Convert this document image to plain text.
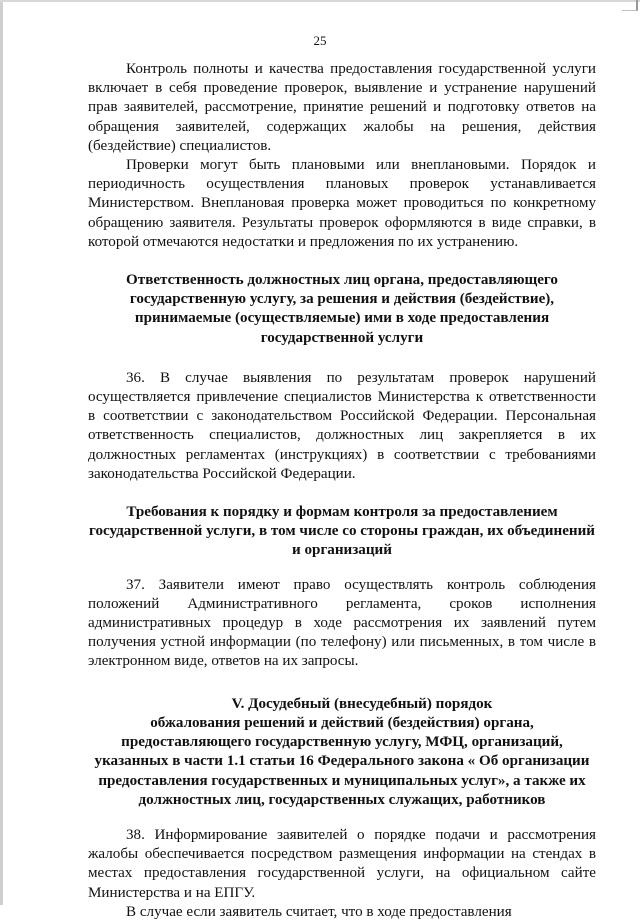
25

Контроль полноты и качества предоставления государственной услуги включает в себя проведение проверок, выявление и устранение нарушений прав заявителей, рассмотрение, принятие решений и подготовку ответов на обращения заявителей, содержащих жалобы на решения, действия (бездействие) специалистов.

Проверки могут быть плановыми или внеплановыми. Порядок и периодичность осуществления плановых проверок устанавливается Министерством. Внеплановая проверка может проводиться по конкретному обращению заявителя. Результаты проверок оформляются в виде справки, в которой отмечаются недостатки и предложения по их устранению.

Ответственность должностных лиц органа, предоставляющего государственную услугу, за решения и действия (бездействие), принимаемые (осуществляемые) ими в ходе предоставления государственной услуги

36. В случае выявления по результатам проверок нарушений осуществляется привлечение специалистов Министерства к ответственности в соответствии с законодательством Российской Федерации. Персональная ответственность специалистов, должностных лиц закрепляется в их должностных регламентах (инструкциях) в соответствии с требованиями законодательства Российской Федерации.

Требования к порядку и формам контроля за предоставлением государственной услуги, в том числе со стороны граждан, их объединений и организаций

37. Заявители имеют право осуществлять контроль соблюдения положений Административного регламента, сроков исполнения административных процедур в ходе рассмотрения их заявлений путем получения устной информации (по телефону) или письменных, в том числе в электронном виде, ответов на их запросы.

V. Досудебный (внесудебный) порядок

обжалования решений и действий (бездействия) органа, предоставляющего государственную услугу, МФЦ, организаций, указанных в части 1.1 статьи 16 Федерального закона « Об организации предоставления государственных и муниципальных услуг», а также их должностных лиц, государственных служащих, работников

38. Информирование заявителей о порядке подачи и рассмотрения жалобы обеспечивается посредством размещения информации на стендах в местах предоставления государственной услуги, на официальном сайте Министерства и на ЕПГУ.

В случае если заявитель считает, что в ходе предоставления
